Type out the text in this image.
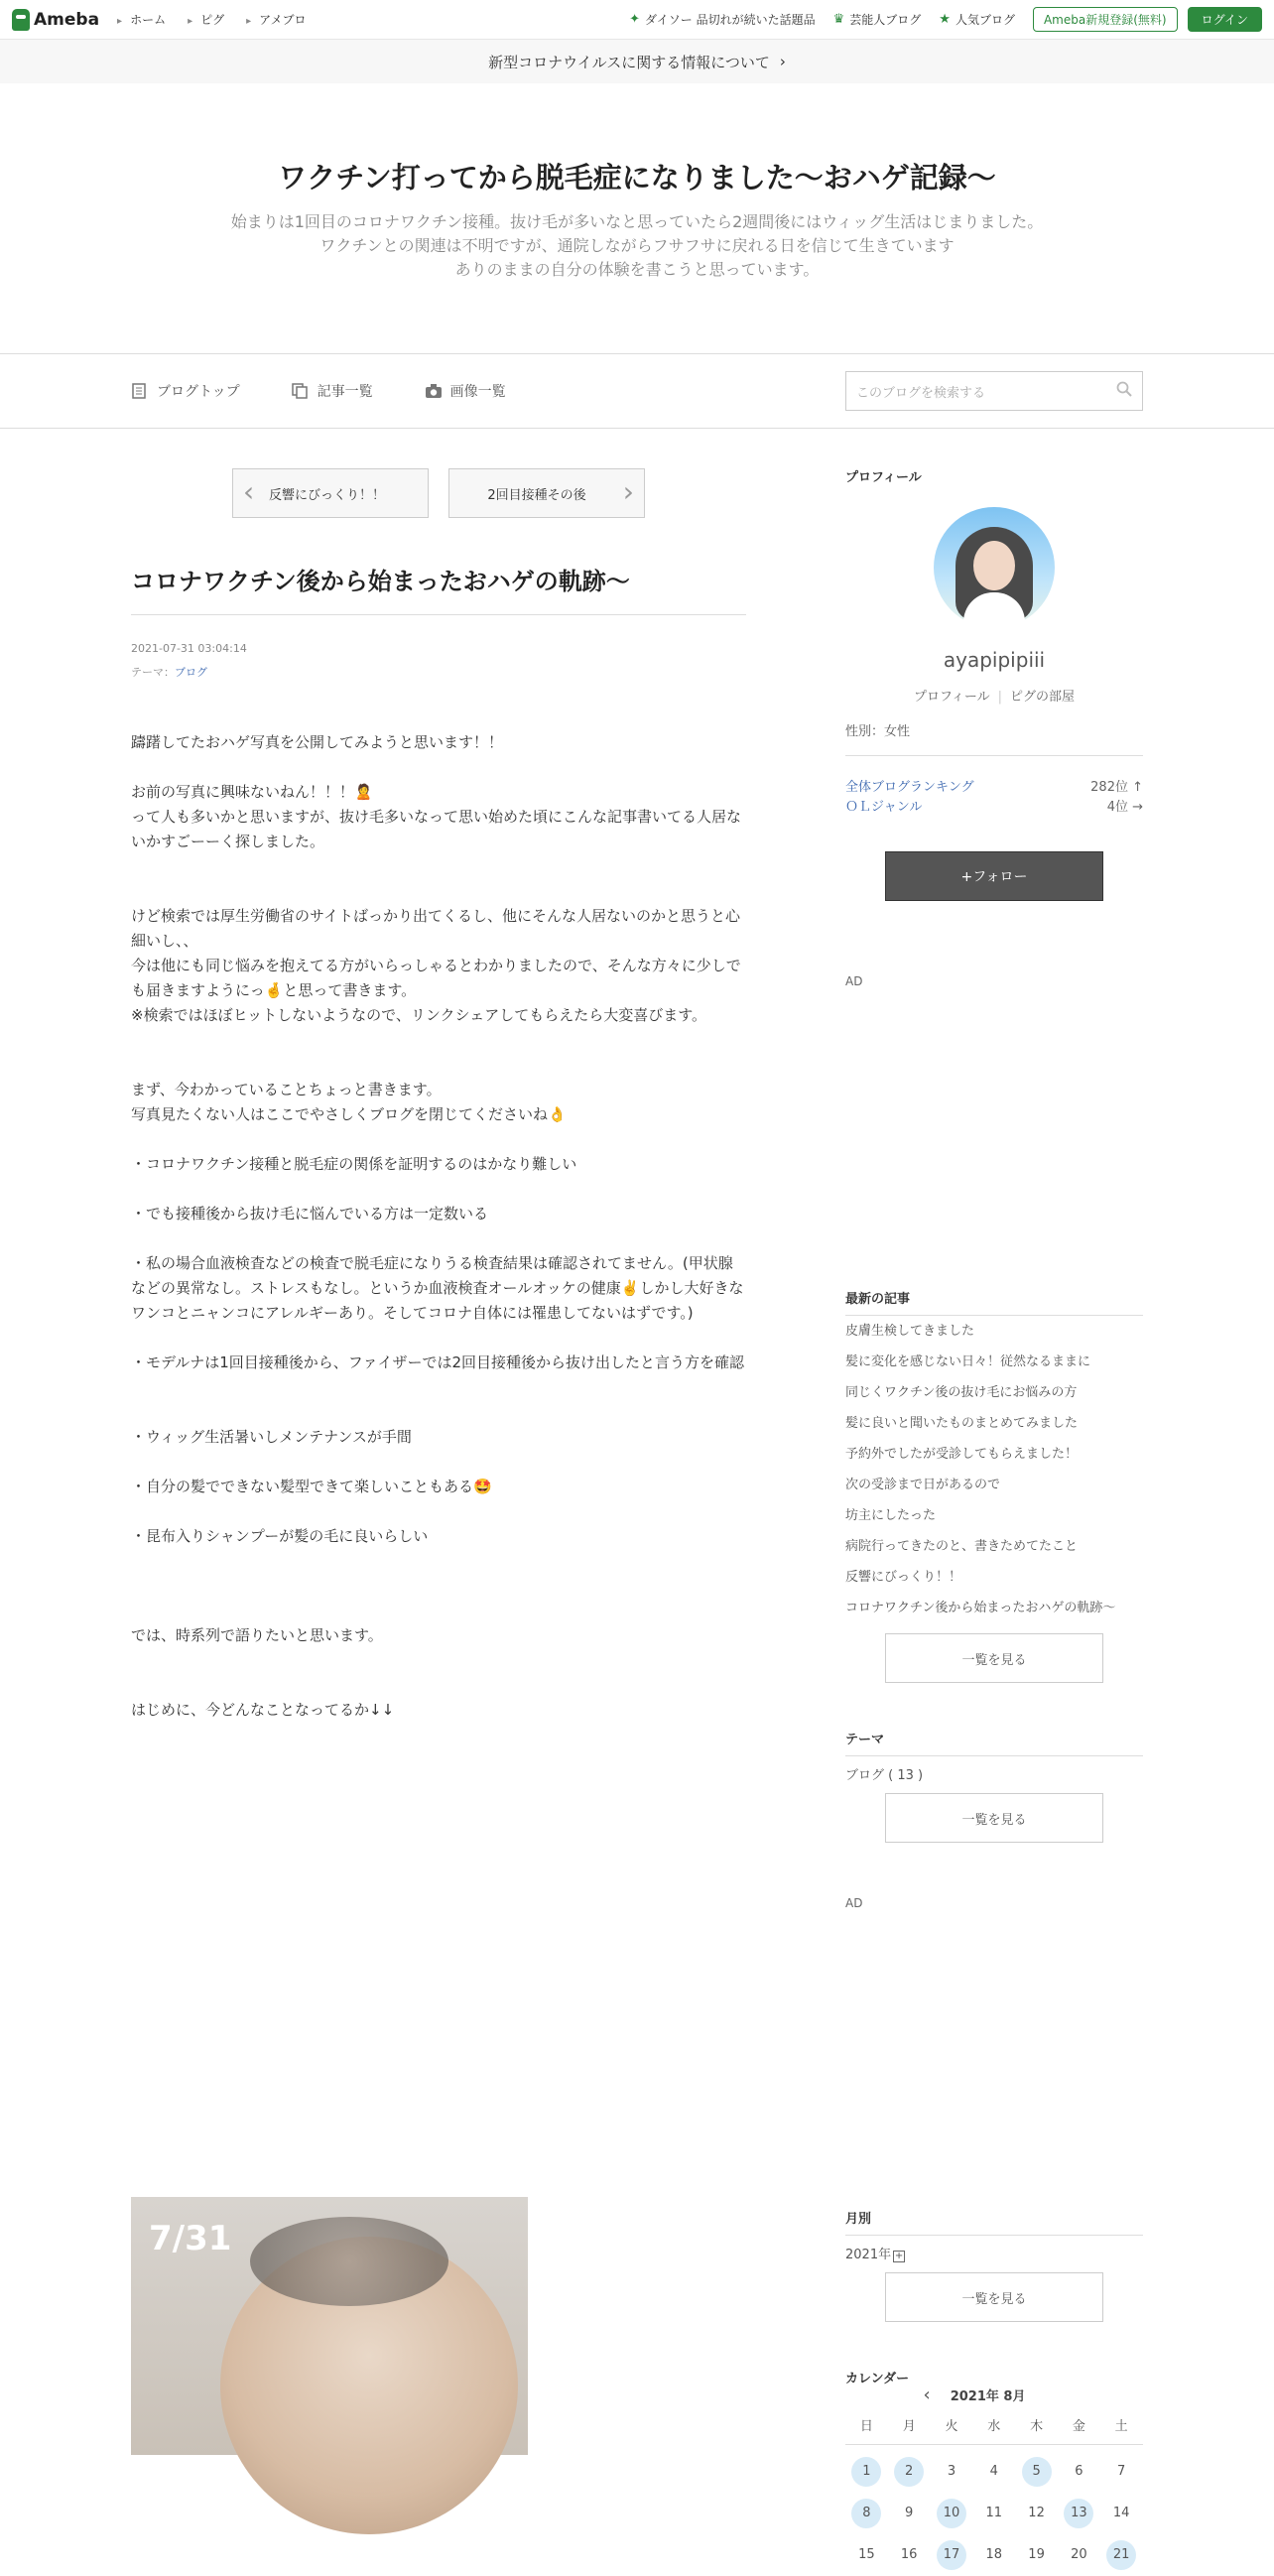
Ameba	▸ ホーム	▸ ピグ	▸ アメブロ	✦ ダイソー 品切れが続いた話題品 ♛ 芸能人ブログ ★ 人気ブログ	Ameba新規登録(無料)	ログイン
新型コロナウイルスに関する情報について ›
ワクチン打ってから脱毛症になりました〜おハゲ記録〜
始まりは1回目のコロナワクチン接種。抜け毛が多いなと思っていたら2週間後にはウィッグ生活はじまりました。
ワクチンとの関連は不明ですが、通院しながらフサフサに戻れる日を信じて生きています
ありのままの自分の体験を書こうと思っています。
ブログトップ	記事一覧	画像一覧	このブログを検索する
‹ 反響にびっくり！！	2回目接種その後 ›
コロナワクチン後から始まったおハゲの軌跡〜
2021-07-31 03:04:14
テーマ：ブログ

躊躇してたおハゲ写真を公開してみようと思います！！

お前の写真に興味ないねん！！！🙎

って人も多いかと思いますが、抜け毛多いなって思い始めた頃にこんな記事書いてる人居ないかすごーーく探しました。

けど検索では厚生労働省のサイトばっかり出てくるし、他にそんな人居ないのかと思うと心細いし、、

今は他にも同じ悩みを抱えてる方がいらっしゃるとわかりましたので、そんな方々に少しでも届きますようにっ🤞と思って書きます。

※検索ではほぼヒットしないようなので、リンクシェアしてもらえたら大変喜びます。

まず、今わかっていることちょっと書きます。

写真見たくない人はここでやさしくブログを閉じてくださいね👌

・コロナワクチン接種と脱毛症の関係を証明するのはかなり難しい

・でも接種後から抜け毛に悩んでいる方は一定数いる

・私の場合血液検査などの検査で脱毛症になりうる検査結果は確認されてません。(甲状腺などの異常なし。ストレスもなし。というか血液検査オールオッケの健康✌️しかし大好きなワンコとニャンコにアレルギーあり。そしてコロナ自体には罹患してないはずです。)

・モデルナは1回目接種後から、ファイザーでは2回目接種後から抜け出したと言う方を確認

・ウィッグ生活暑いしメンテナンスが手間

・自分の髪でできない髪型できて楽しいこともある🤩

・昆布入りシャンプーが髪の毛に良いらしい

では、時系列で語りたいと思います。

はじめに、今どんなことなってるか↓↓

7/31
プロフィール
ayapipipiii
プロフィール | ピグの部屋
性別：女性
全体ブログランキング	282位 ↑
ＯＬジャンル	4位 →
+フォロー
AD
最新の記事
皮膚生検してきました
髪に変化を感じない日々！従然なるままに
同じくワクチン後の抜け毛にお悩みの方
髪に良いと聞いたものまとめてみました
予約外でしたが受診してもらえました！
次の受診まで日があるので
坊主にしたった
病院行ってきたのと、書きためてたこと
反響にびっくり！！
コロナワクチン後から始まったおハゲの軌跡〜
一覧を見る
テーマ
ブログ ( 13 )
一覧を見る
AD
月別
2021年 +
一覧を見る
カレンダー
‹ 2021年 8月
日	月	火	水	木	金	土
1	2	3	4	5	6	7
8	9	10	11	12	13	14
15	16	17	18	19	20	21
